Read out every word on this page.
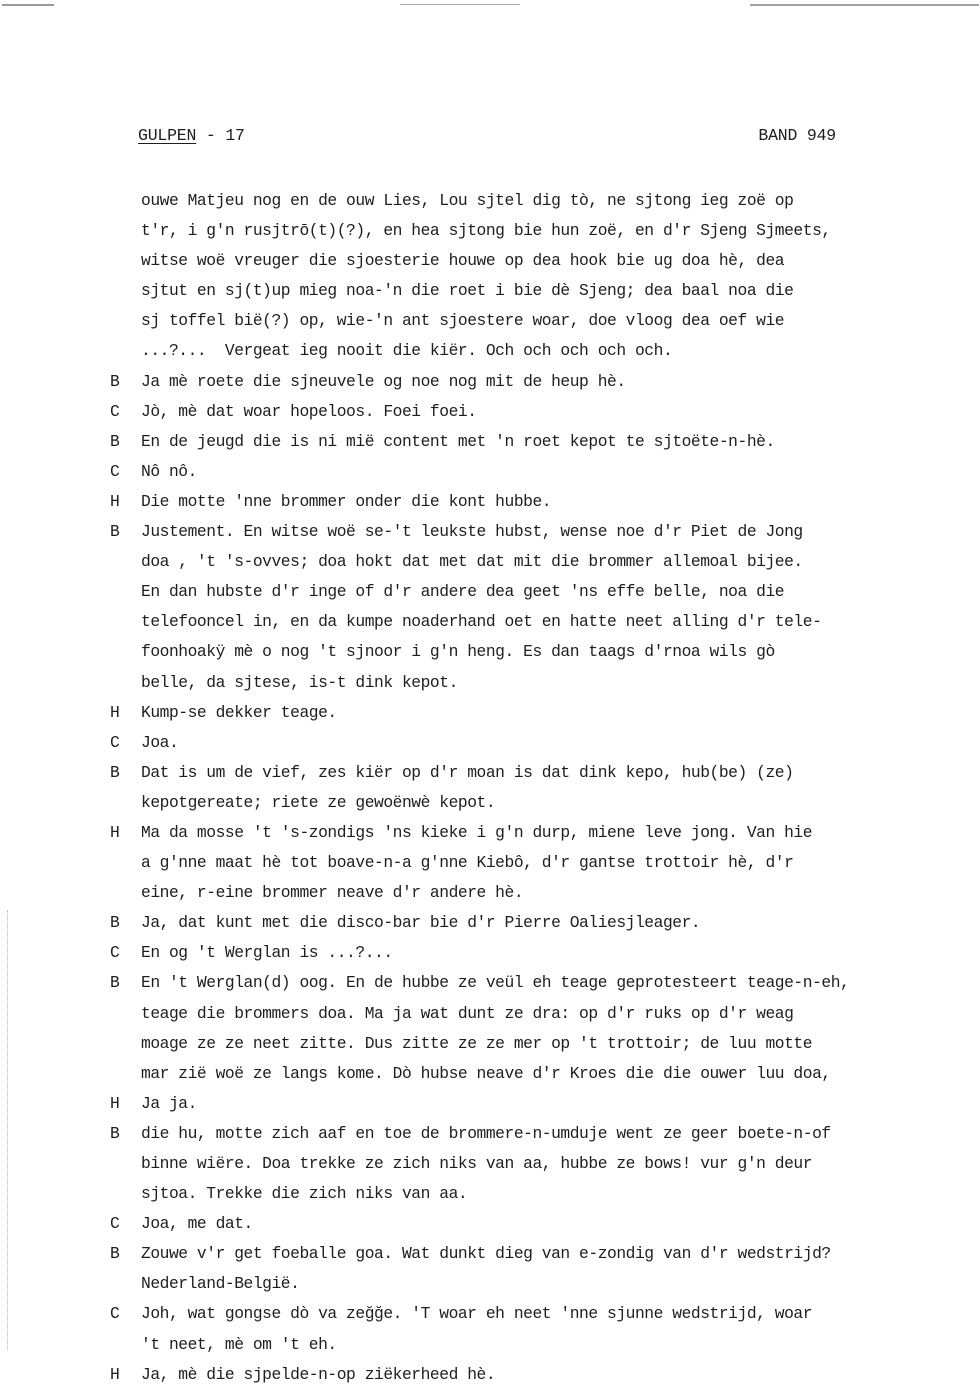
GULPEN - 17	BAND 949
ouwe Matjeu nog en de ouw Lies, Lou sjtel dig tò, ne sjtong ieg zoë op
t'r, i g'n rusjtrō(t)(?), en hea sjtong bie hun zoë, en d'r Sjeng Sjmeets,
witse woë vreuger die sjoesterie houwe op dea hook bie ug doa hè, dea
sjtut en sj(t)up mieg noa-'n die roet i bie dè Sjeng; dea baal noa die
sj toffel bië(?) op, wie-'n ant sjoestere woar, doe vloog dea oef wie
...?...  Vergeat ieg nooit die kiër. Och och och och och.
B	Ja mè roete die sjneuvele og noe nog mit de heup hè.
C	Jò, mè dat woar hopeloos. Foei foei.
B	En de jeugd die is ni mië content met 'n roet kepot te sjtoëte-n-hè.
C	Nô nô.
H	Die motte 'nne brommer onder die kont hubbe.
B	Justement. En witse woë se-'t leukste hubst, wense noe d'r Piet de Jong
doa , 't 's-ovves; doa hokt dat met dat mit die brommer allemoal bijee.
En dan hubste d'r inge of d'r andere dea geet 'ns effe belle, noa die
telefooncel in, en da kumpe noaderhand oet en hatte neet alling d'r tele-
foonhoakÿ mè o nog 't sjnoor i g'n heng. Es dan taags d'rnoa wils gò
belle, da sjtese, is-t dink kepot.
H	Kump-se dekker teage.
C	Joa.
B	Dat is um de vief, zes kiër op d'r moan is dat dink kepo, hub(be) (ze)
kepotgereate; riete ze gewoënwè kepot.
H	Ma da mosse 't 's-zondigs 'ns kieke i g'n durp, miene leve jong. Van hie
a g'nne maat hè tot boave-n-a g'nne Kiebô, d'r gantse trottoir hè, d'r
eine, r-eine brommer neave d'r andere hè.
B	Ja, dat kunt met die disco-bar bie d'r Pierre Oaliesjleager.
C	En og 't Werglan is ...?...
B	En 't Werglan(d) oog. En de hubbe ze veül eh teage geprotesteert teage-n-eh,
teage die brommers doa. Ma ja wat dunt ze dra: op d'r ruks op d'r weag
moage ze ze neet zitte. Dus zitte ze ze mer op 't trottoir; de luu motte
mar zië woë ze langs kome. Dò hubse neave d'r Kroes die die ouwer luu doa,
H	Ja ja.
B	die hu, motte zich aaf en toe de brommere-n-umduje went ze geer boete-n-of
binne wiëre. Doa trekke ze zich niks van aa, hubbe ze bows! vur g'n deur
sjtoa. Trekke die zich niks van aa.
C	Joa, me dat.
B	Zouwe v'r get foeballe goa. Wat dunkt dieg van e-zondig van d'r wedstrijd?
Nederland-België.
C	Joh, wat gongse dò va zeğğe. 'T woar eh neet 'nne sjunne wedstrijd, woar
't neet, mè om 't eh.
H	Ja, mè die sjpelde-n-op ziëkerheed hè.
